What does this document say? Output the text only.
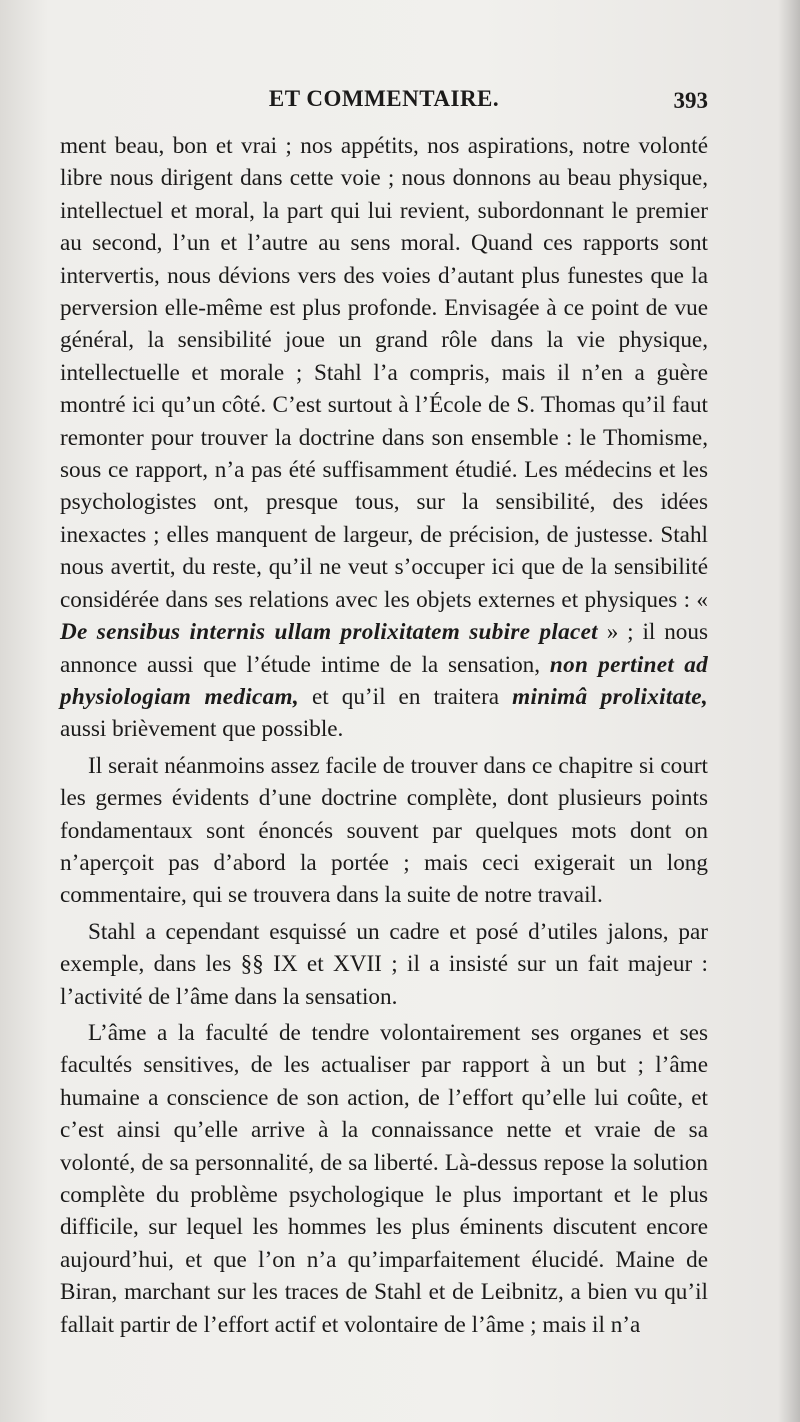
ET COMMENTAIRE.	393

ment beau, bon et vrai ; nos appétits, nos aspirations, notre volonté libre nous dirigent dans cette voie ; nous donnons au beau physique, intellectuel et moral, la part qui lui revient, subordonnant le premier au second, l’un et l’autre au sens moral. Quand ces rapports sont intervertis, nous dévions vers des voies d’autant plus funestes que la perversion elle-même est plus profonde. Envisagée à ce point de vue général, la sensibilité joue un grand rôle dans la vie physique, intellectuelle et morale ; Stahl l’a compris, mais il n’en a guère montré ici qu’un côté. C’est surtout à l’École de S. Thomas qu’il faut remonter pour trouver la doctrine dans son ensemble : le Thomisme, sous ce rapport, n’a pas été suffisamment étudié. Les médecins et les psychologistes ont, presque tous, sur la sensibilité, des idées inexactes ; elles manquent de largeur, de précision, de justesse. Stahl nous avertit, du reste, qu’il ne veut s’occuper ici que de la sensibilité considérée dans ses relations avec les objets externes et physiques : « De sensibus internis ullam prolixitatem subire placet » ; il nous annonce aussi que l’étude intime de la sensation, non pertinet ad physiologiam medicam, et qu’il en traitera minimâ prolixitate, aussi brièvement que possible.

Il serait néanmoins assez facile de trouver dans ce chapitre si court les germes évidents d’une doctrine complète, dont plusieurs points fondamentaux sont énoncés souvent par quelques mots dont on n’aperçoit pas d’abord la portée ; mais ceci exigerait un long commentaire, qui se trouvera dans la suite de notre travail.

Stahl a cependant esquissé un cadre et posé d’utiles jalons, par exemple, dans les §§ IX et XVII ; il a insisté sur un fait majeur : l’activité de l’âme dans la sensation.

L’âme a la faculté de tendre volontairement ses organes et ses facultés sensitives, de les actualiser par rapport à un but ; l’âme humaine a conscience de son action, de l’effort qu’elle lui coûte, et c’est ainsi qu’elle arrive à la connaissance nette et vraie de sa volonté, de sa personnalité, de sa liberté. Là-dessus repose la solution complète du problème psychologique le plus important et le plus difficile, sur lequel les hommes les plus éminents discutent encore aujourd’hui, et que l’on n’a qu’imparfaitement élucidé. Maine de Biran, marchant sur les traces de Stahl et de Leibnitz, a bien vu qu’il fallait partir de l’effort actif et volontaire de l’âme ; mais il n’a
